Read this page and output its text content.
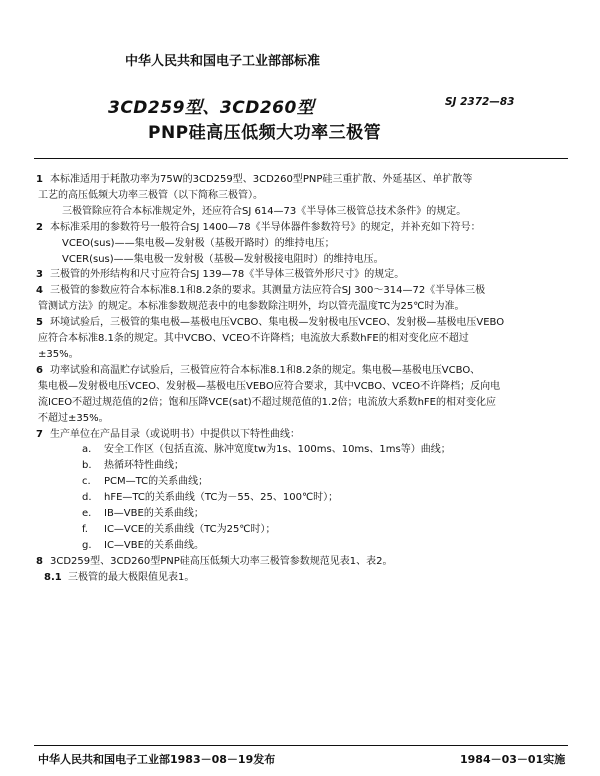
中华人民共和国电子工业部部标准
3CD259型、3CD260型	SJ 2372—83
PNP硅高压低频大功率三极管
1 本标准适用于耗散功率为75W的3CD259型、3CD260型PNP硅三重扩散、外延基区、单扩散等
工艺的高压低频大功率三极管（以下简称三极管）。
三极管除应符合本标准规定外，还应符合SJ 614—73《半导体三极管总技术条件》的规定。
2 本标准采用的参数符号一般符合SJ 1400—78《半导体器件参数符号》的规定，并补充如下符号：
VCEO(sus)——集电极—发射极（基极开路时）的维持电压；
VCER(sus)——集电极一发射极（基极—发射极接电阻时）的维持电压。
3 三极管的外形结构和尺寸应符合SJ 139—78《半导体三极管外形尺寸》的规定。
4 三极管的参数应符合本标准8.1和8.2条的要求。其测量方法应符合SJ 300～314—72《半导体三极
管测试方法》的规定。本标准参数规范表中的电参数除注明外，均以管壳温度TC为25℃时为准。
5 环境试验后，三极管的集电极—基极电压VCBO、集电极—发射极电压VCEO、发射极—基极电压VEBO
应符合本标准8.1条的规定。其中VCBO、VCEO不许降档；电流放大系数hFE的相对变化应不超过
±35%。
6 功率试验和高温贮存试验后，三极管应符合本标准8.1和8.2条的规定。集电极—基极电压VCBO、
集电极—发射极电压VCEO、发射极—基极电压VEBO应符合要求，其中VCBO、VCEO不许降档；反向电
流ICEO不超过规范值的2倍；饱和压降VCE(sat)不超过规范值的1.2倍；电流放大系数hFE的相对变化应
不超过±35%。
7 生产单位在产品目录（或说明书）中提供以下特性曲线：
a. 安全工作区（包括直流、脉冲宽度tw为1s、100ms、10ms、1ms等）曲线；
b. 热循环特性曲线；
c. PCM—TC的关系曲线；
d. hFE—TC的关系曲线（TC为－55、25、100℃时）；
e. IB—VBE的关系曲线；
f. IC—VCE的关系曲线（TC为25℃时）；
g. IC—VBE的关系曲线。
8 3CD259型、3CD260型PNP硅高压低频大功率三极管参数规范见表1、表2。
8.1 三极管的最大极限值见表1。
中华人民共和国电子工业部1983－08－19发布	1984－03－01实施
